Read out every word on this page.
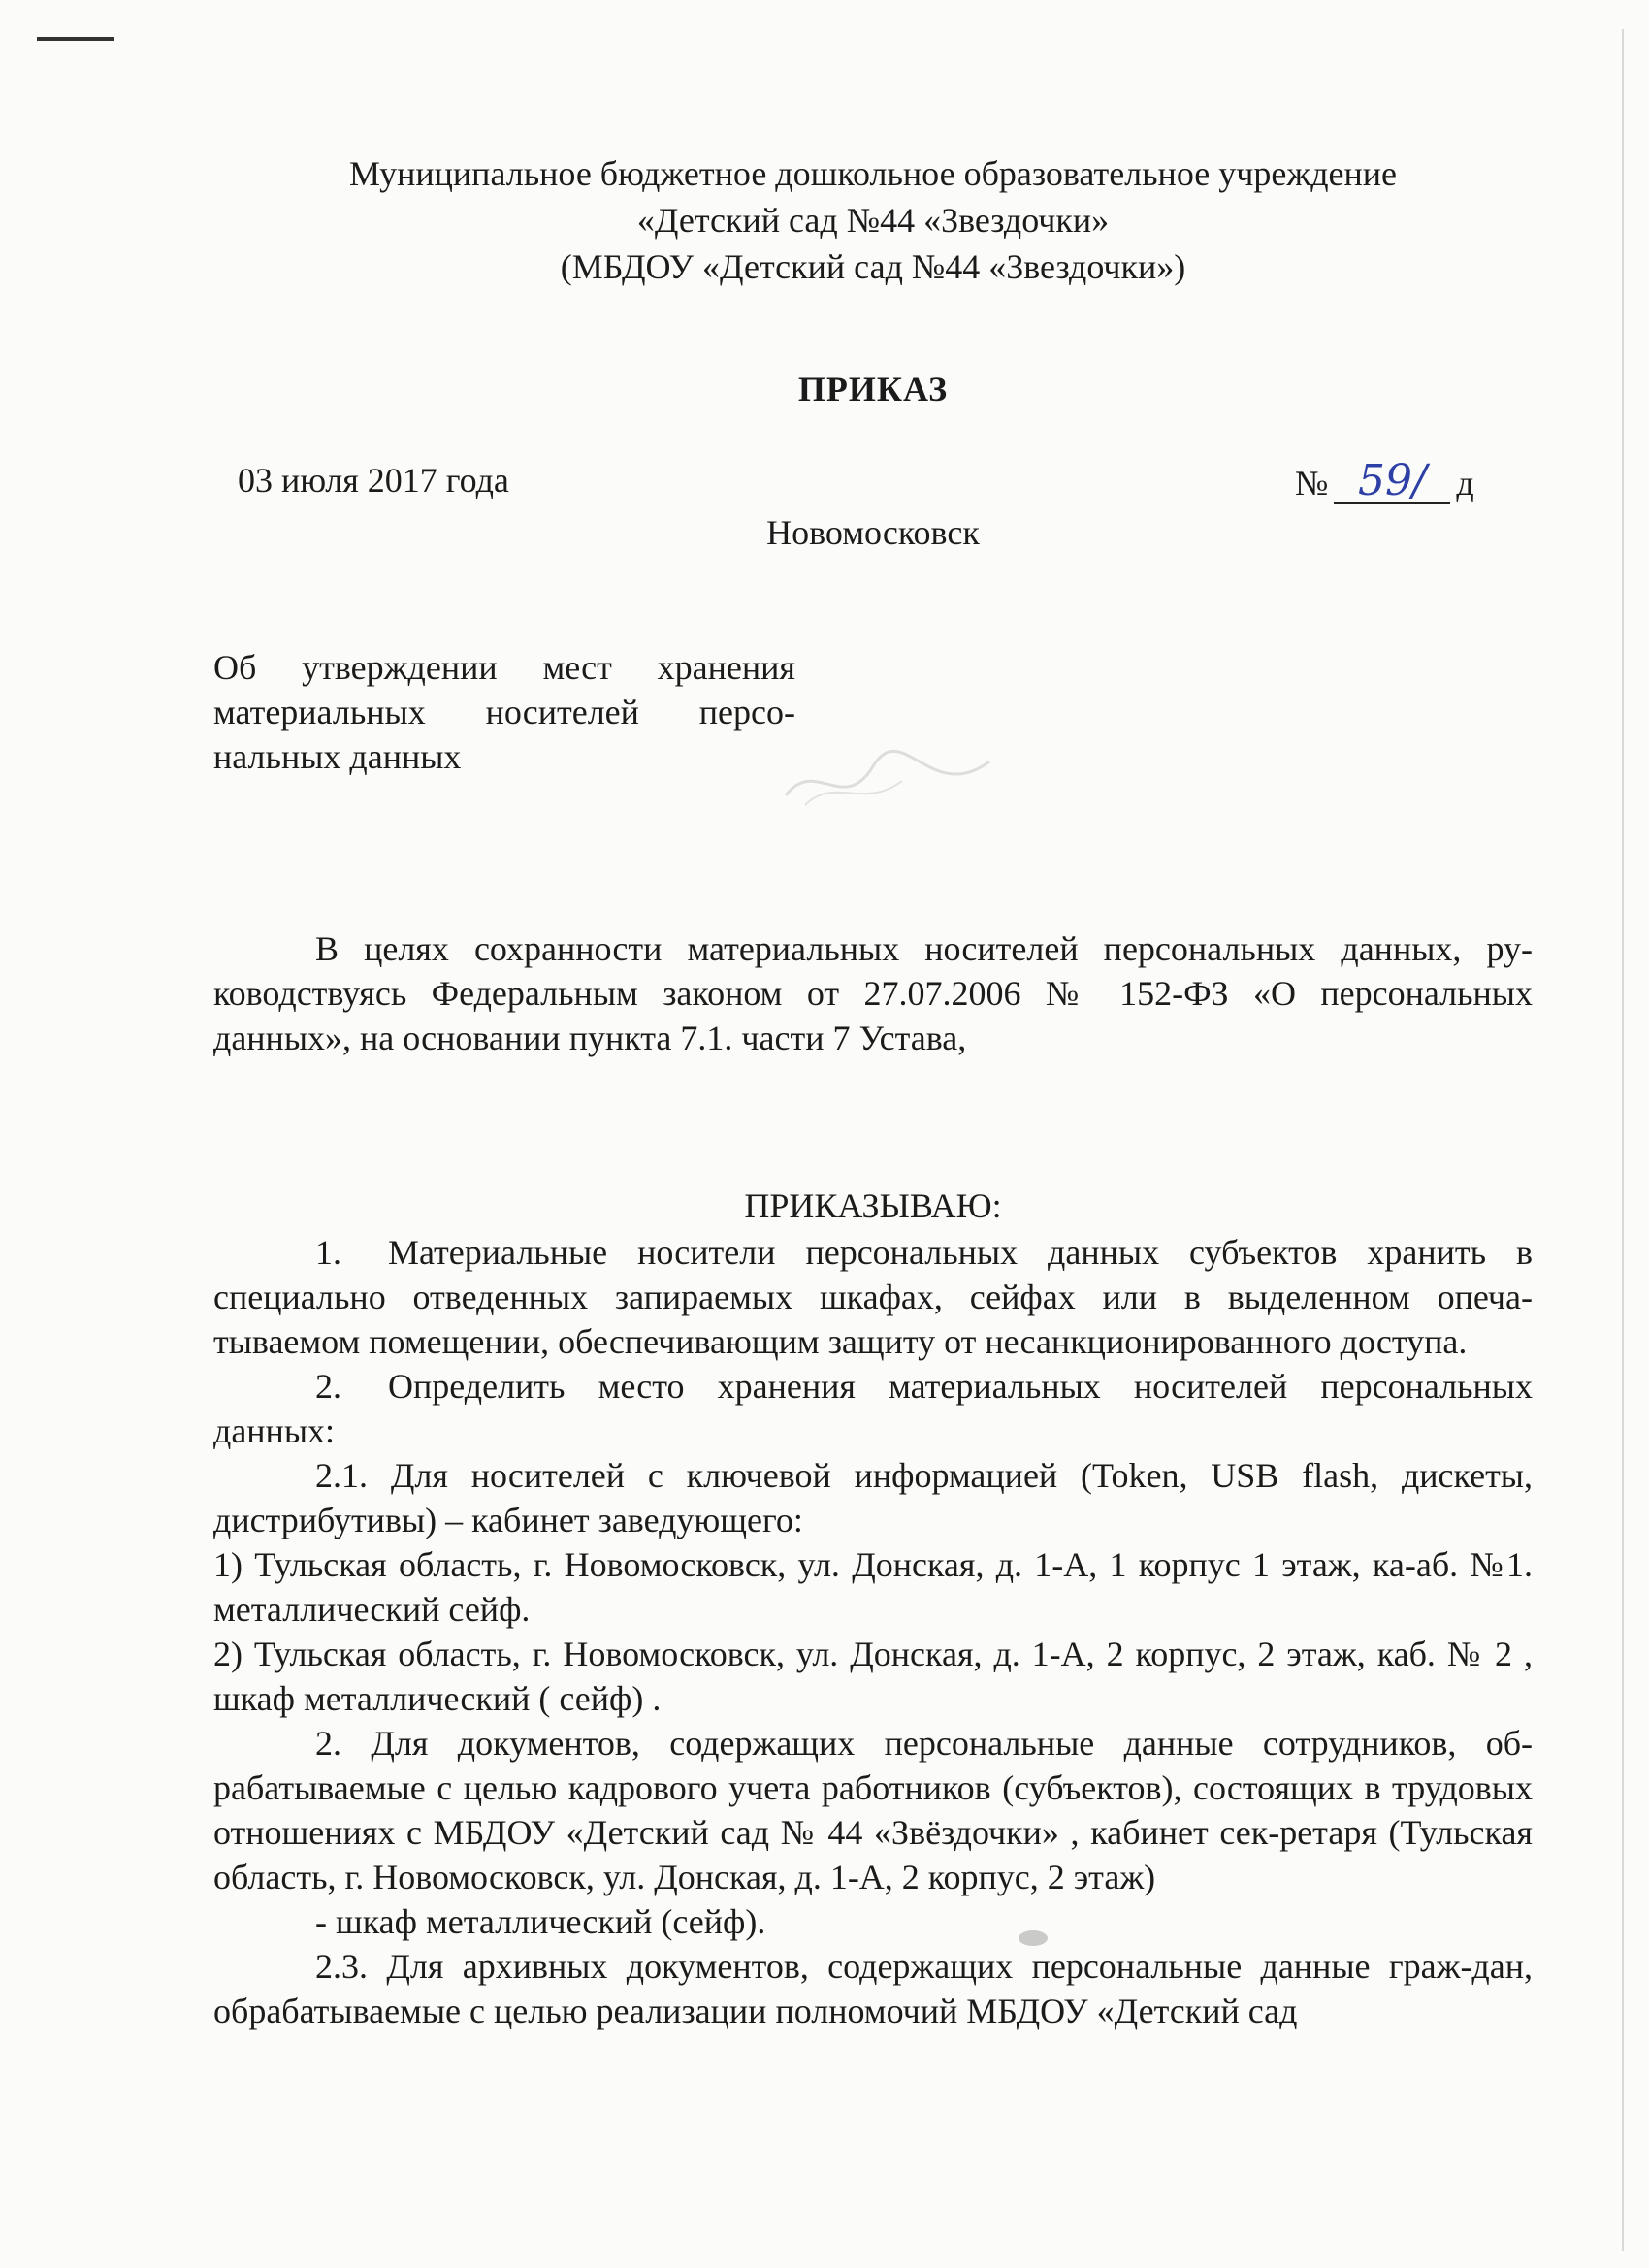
Муниципальное бюджетное дошкольное образовательное учреждение
«Детский сад №44 «Звездочки»
(МБДОУ «Детский сад №44 «Звездочки»)
ПРИКАЗ
03 июля 2017 года	№ 59/ д
Новомосковск
Об утверждении мест хранения материальных носителей персо-нальных данных
В целях сохранности материальных носителей персональных данных, ру-ководствуясь Федеральным законом от 27.07.2006 № 152-ФЗ «О персональных данных», на основании пункта 7.1. части 7 Устава,
ПРИКАЗЫВАЮ:

1. Материальные носители персональных данных субъектов хранить в специально отведенных запираемых шкафах, сейфах или в выделенном опеча-тываемом помещении, обеспечивающим защиту от несанкционированного доступа.

2. Определить место хранения материальных носителей персональных данных:

2.1. Для носителей с ключевой информацией (Token, USB flash, дискеты, дистрибутивы) – кабинет заведующего:

1) Тульская область, г. Новомосковск, ул. Донская, д. 1-А, 1 корпус 1 этаж, ка-аб. №1. металлический сейф.

2) Тульская область, г. Новомосковск, ул. Донская, д. 1-А, 2 корпус, 2 этаж, каб. № 2 , шкаф металлический ( сейф) .

2. Для документов, содержащих персональные данные сотрудников, об-рабатываемые с целью кадрового учета работников (субъектов), состоящих в трудовых отношениях с МБДОУ «Детский сад № 44 «Звёздочки» , кабинет сек-ретаря (Тульская область, г. Новомосковск, ул. Донская, д. 1-А, 2 корпус, 2 этаж)

- шкаф металлический (сейф).

2.3. Для архивных документов, содержащих персональные данные граж-дан, обрабатываемые с целью реализации полномочий МБДОУ «Детский сад
